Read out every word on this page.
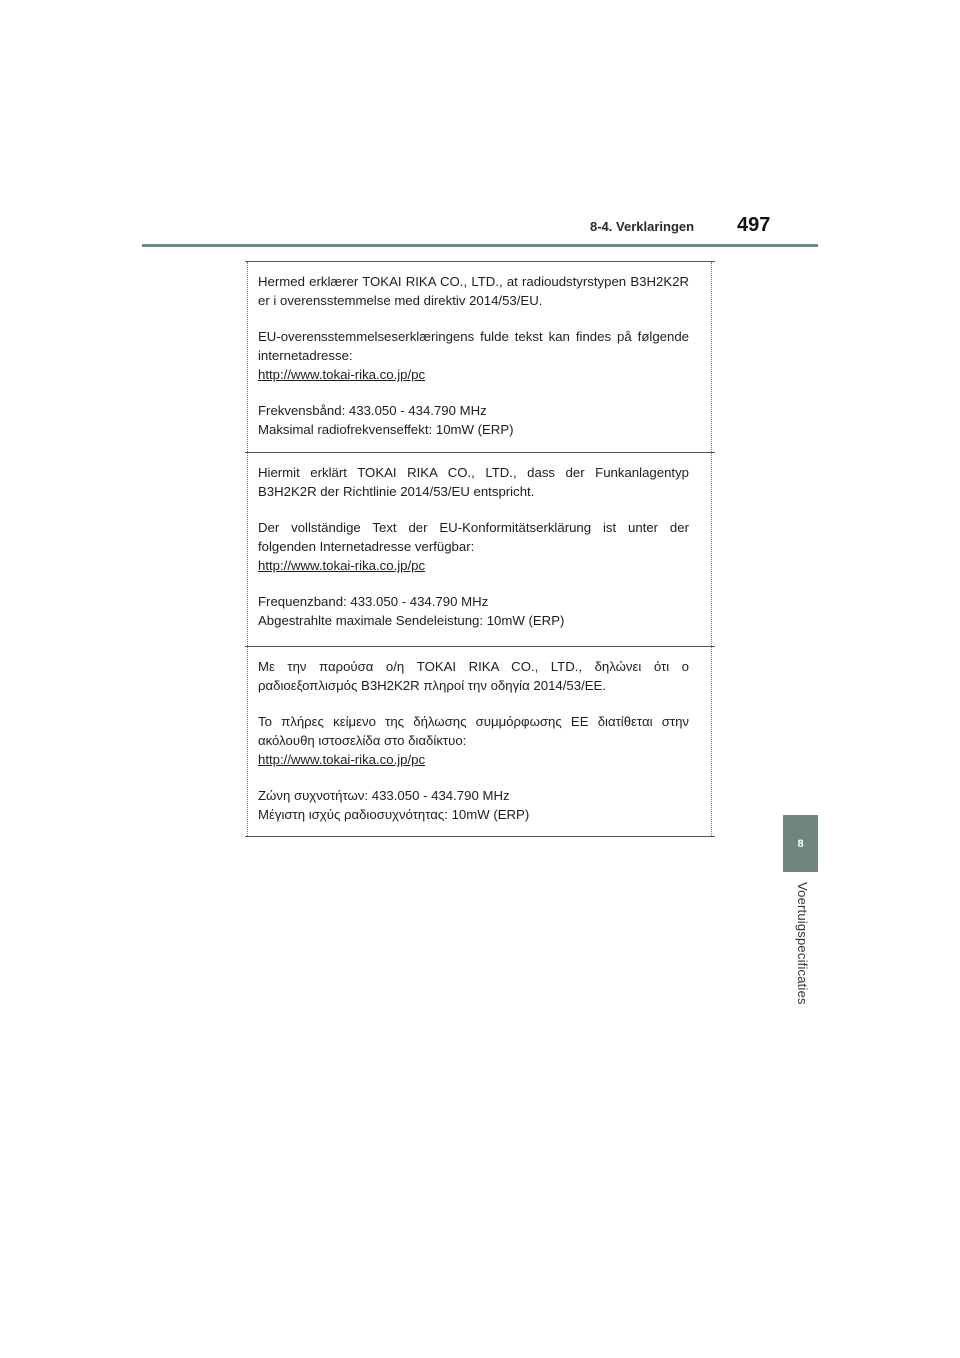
8-4. Verklaringen 497
8
Voertuigspecificaties

Hermed erklærer TOKAI RIKA CO., LTD., at radioudstyrstypen B3H2K2R er i overensstemmelse med direktiv 2014/53/EU.

EU-overensstemmelseserklæringens fulde tekst kan findes på følgende internetadresse:

http://www.tokai-rika.co.jp/pc

Frekvensbånd: 433.050 - 434.790 MHz

Maksimal radiofrekvenseffekt: 10mW (ERP)

Hiermit erklärt TOKAI RIKA CO., LTD., dass der Funkanlagentyp B3H2K2R der Richtlinie 2014/53/EU entspricht.

Der vollständige Text der EU-Konformitätserklärung ist unter der folgenden Internetadresse verfügbar:

http://www.tokai-rika.co.jp/pc

Frequenzband: 433.050 - 434.790 MHz

Abgestrahlte maximale Sendeleistung: 10mW (ERP)

Με την παρούσα ο/η TOKAI RIKA CO., LTD., δηλώνει ότι ο ραδιοεξοπλισμός B3H2K2R πληροί την οδηγία 2014/53/ΕΕ.

Το πλήρες κείμενο της δήλωσης συμμόρφωσης ΕΕ διατίθεται στην ακόλουθη ιστοσελίδα στο διαδίκτυο:

http://www.tokai-rika.co.jp/pc

Ζώνη συχνοτήτων: 433.050 - 434.790 MHz

Μέγιστη ισχύς ραδιοσυχνότητας: 10mW (ERP)
